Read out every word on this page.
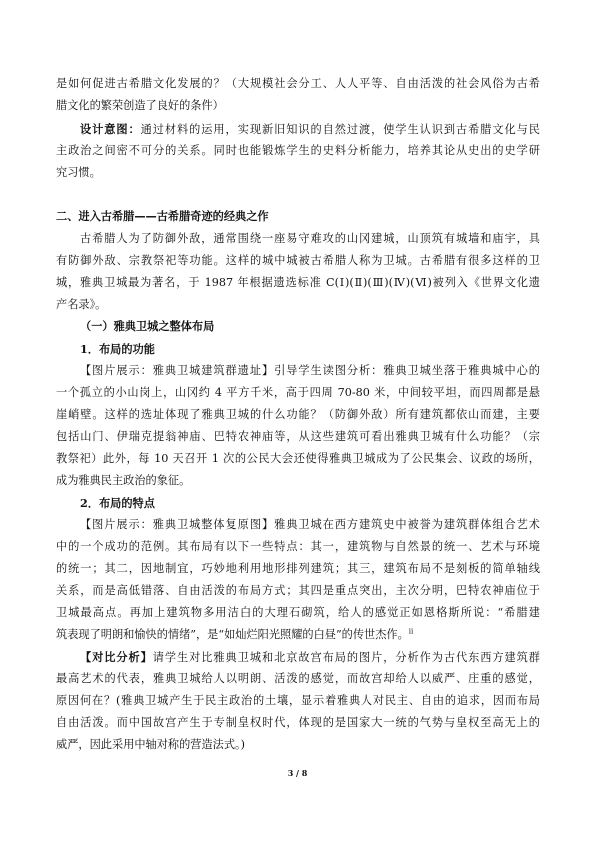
是如何促进古希腊文化发展的？（大规模社会分工、人人平等、自由活泼的社会风俗为古希
腊文化的繁荣创造了良好的条件）
设计意图：通过材料的运用，实现新旧知识的自然过渡，使学生认识到古希腊文化与民
主政治之间密不可分的关系。同时也能锻炼学生的史料分析能力，培养其论从史出的史学研
究习惯。
二、进入古希腊——古希腊奇迹的经典之作
古希腊人为了防御外敌，通常围绕一座易守难攻的山冈建城，山顶筑有城墙和庙宇，具
有防御外敌、宗教祭祀等功能。这样的城中城被古希腊人称为卫城。古希腊有很多这样的卫
城，雅典卫城最为著名，于 1987 年根据遗选标准 C(Ⅰ)(Ⅱ)(Ⅲ)(Ⅳ)(Ⅵ)被列入《世界文化遗
产名录》。
（一）雅典卫城之整体布局
1．布局的功能
【图片展示：雅典卫城建筑群遗址】引导学生读图分析：雅典卫城坐落于雅典城中心的
一个孤立的小山岗上，山冈约 4 平方千米，高于四周 70-80 米，中间较平坦，而四周都是悬
崖峭壁。这样的选址体现了雅典卫城的什么功能？（防御外敌）所有建筑都依山而建，主要
包括山门、伊瑞克提翁神庙、巴特农神庙等，从这些建筑可看出雅典卫城有什么功能？（宗
教祭祀）此外，每 10 天召开 1 次的公民大会还使得雅典卫城成为了公民集会、议政的场所，
成为雅典民主政治的象征。
2．布局的特点
【图片展示：雅典卫城整体复原图】雅典卫城在西方建筑史中被誉为建筑群体组合艺术
中的一个成功的范例。其布局有以下一些特点：其一，建筑物与自然景的统一、艺术与环境
的统一；其二，因地制宜，巧妙地利用地形排列建筑；其三，建筑布局不是刻板的简单轴线
关系，而是高低错落、自由活泼的布局方式；其四是重点突出，主次分明，巴特农神庙位于
卫城最高点。再加上建筑物多用洁白的大理石砌筑，给人的感觉正如恩格斯所说：“希腊建
筑表现了明朗和愉快的情绪”，是“如灿烂阳光照耀的白昼”的传世杰作。$^{ii}$
【对比分析】请学生对比雅典卫城和北京故宫布局的图片，分析作为古代东西方建筑群
最高艺术的代表，雅典卫城给人以明朗、活泼的感觉，而故宫却给人以威严、庄重的感觉，
原因何在？(雅典卫城产生于民主政治的土壤，显示着雅典人对民主、自由的追求，因而布局
自由活泼。而中国故宫产生于专制皇权时代，体现的是国家大一统的气势与皇权至高无上的
威严，因此采用中轴对称的营造法式。)
3 / 8
